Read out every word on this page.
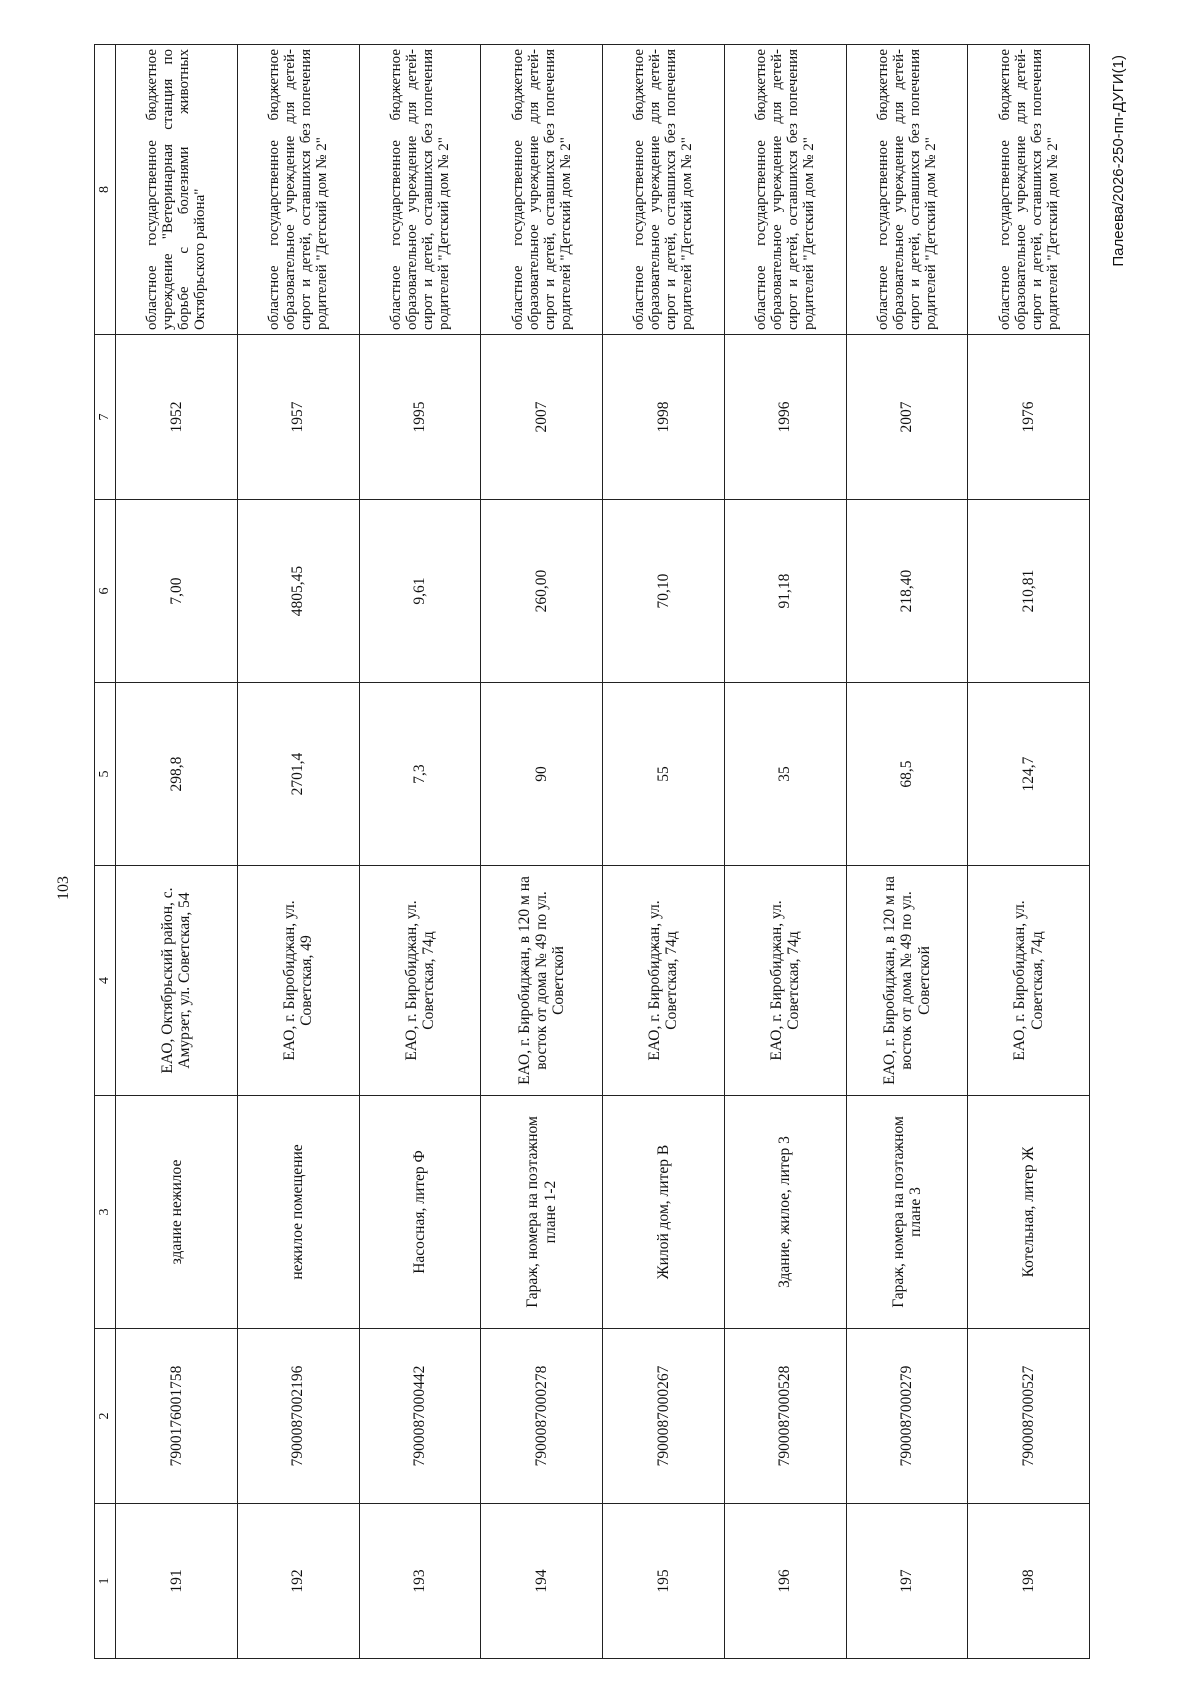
103
1	2	3	4	5	6	7	8
191	7900176001758	здание нежилое	ЕАО, Октябрьский район, с. Амурзет, ул. Советская, 54	298,8	7,00	1952	областное государственное бюджетное учреждение "Ветеринарная станция по борьбе с болезнями животных Октябрьского района"
192	7900087002196	нежилое помещение	ЕАО, г. Биробиджан, ул. Советская, 49	2701,4	4805,45	1957	областное государственное бюджетное образовательное учреждение для детей-сирот и детей, оставшихся без попечения родителей "Детский дом № 2"
193	7900087000442	Насосная, литер Ф	ЕАО, г. Биробиджан, ул. Советская, 74д	7,3	9,61	1995	областное государственное бюджетное образовательное учреждение для детей-сирот и детей, оставшихся без попечения родителей "Детский дом № 2"
194	7900087000278	Гараж, номера на поэтажном плане 1-2	ЕАО, г. Биробиджан, в 120 м на восток от дома № 49 по ул. Советской	90	260,00	2007	областное государственное бюджетное образовательное учреждение для детей-сирот и детей, оставшихся без попечения родителей "Детский дом № 2"
195	7900087000267	Жилой дом, литер В	ЕАО, г. Биробиджан, ул. Советская, 74д	55	70,10	1998	областное государственное бюджетное образовательное учреждение для детей-сирот и детей, оставшихся без попечения родителей "Детский дом № 2"
196	7900087000528	Здание, жилое, литер 3	ЕАО, г. Биробиджан, ул. Советская, 74д	35	91,18	1996	областное государственное бюджетное образовательное учреждение для детей-сирот и детей, оставшихся без попечения родителей "Детский дом № 2"
197	7900087000279	Гараж, номера на поэтажном плане 3	ЕАО, г. Биробиджан, в 120 м на восток от дома № 49 по ул. Советской	68,5	218,40	2007	областное государственное бюджетное образовательное учреждение для детей-сирот и детей, оставшихся без попечения родителей "Детский дом № 2"
198	7900087000527	Котельная, литер Ж	ЕАО, г. Биробиджан, ул. Советская, 74д	124,7	210,81	1976	областное государственное бюджетное образовательное учреждение для детей-сирот и детей, оставшихся без попечения родителей "Детский дом № 2"	Палеева/2026-250-пп-ДУГИ(1)
